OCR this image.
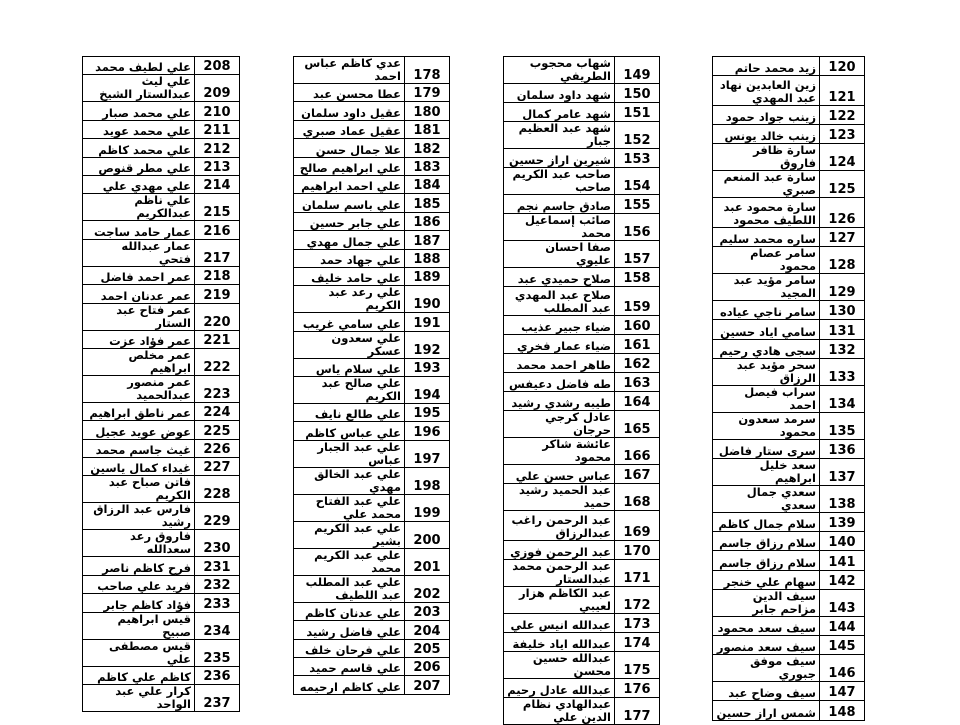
علي لطيف محمد	208
علي ليث عبدالستار الشيخ	209
علي محمد صبار	210
علي محمد عويد	211
علي محمد كاظم	212
علي مطر قنوص	213
علي مهدي علي	214
علي ناظم عبدالكريم	215
عمار حامد ساجت	216
عمار عبدالله فتحي	217
عمر احمد فاضل	218
عمر عدنان احمد	219
عمر فتاح عبد الستار	220
عمر فؤاد عزت	221
عمر مخلص ابراهيم	222
عمر منصور عبدالحميد	223
عمر ناطق ابراهيم	224
عوض عويد عجيل	225
غيث جاسم محمد	226
غيداء كمال ياسين	227
فاتن صباح عبد الكريم	228
فارس عبد الرزاق رشيد	229
فاروق رعد سعدالله	230
فرح كاظم ناصر	231
فريد علي صاحب	232
فؤاد كاظم جابر	233
قيس ابراهيم صبيح	234
قيس مصطفى علي	235
كاظم علي كاظم	236
كرار علي عبد الواحد	237
عدي كاظم عباس احمد	178
عطا محسن عبد	179
عقيل داود سلمان	180
عقيل عماد صبري	181
علا جمال حسن	182
علي ابراهيم صالح	183
علي احمد ابراهيم	184
علي باسم سلمان	185
علي جابر حسين	186
علي جمال مهدي	187
علي جهاد حمد	188
علي حامد خليف	189
علي رعد عبد الكريم	190
علي سامي غريب	191
علي سعدون عسكر	192
علي سلام ياس	193
علي صالح عبد الكريم	194
علي طالع نايف	195
علي عباس كاظم	196
علي عبد الجبار عباس	197
علي عبد الخالق مهدي	198
علي عبد الفتاح محمد علي	199
علي عبد الكريم بشير	200
علي عبد الكريم محمد	201
علي عبد المطلب عبد اللطيف	202
علي عدنان كاظم	203
علي فاضل رشيد	204
علي فرحان خلف	205
علي قاسم حميد	206
علي كاظم ارحيمه	207
شهاب محجوب الطريفي	149
شهد داود سلمان	150
شهد عامر كمال	151
شهد عبد العظيم جبار	152
شيرين اراز حسين	153
صاحب عبد الكريم صاحب	154
صادق جاسم نجم	155
صائب إسماعيل محمد	156
صفا احسان عليوي	157
صلاح حميدي عبد	158
صلاح عبد المهدي عبد المطلب	159
ضياء جبير عذيب	160
ضياء عمار فخري	161
طاهر احمد محمد	162
طه فاضل دعيفس	163
طيبه رشدي رشيد	164
عادل كرجي حرجان	165
عائشة شاكر محمود	166
عباس حسن علي	167
عبد الحميد رشيد حميد	168
عبد الرحمن راغب عبدالرزاق	169
عبد الرحمن فوزي	170
عبد الرحمن محمد عبدالستار	171
عبد الكاظم هزار لعيبي	172
عبدالله انيس علي	173
عبدالله اياد خليفة	174
عبدالله حسين محسن	175
عبدالله عادل رحيم	176
عبدالهادي نظام الدين علي	177
زيد محمد حاتم	120
زين العابدين نهاد عبد المهدي	121
زينب جواد حمود	122
زينب خالد يونس	123
سارة ظافر فاروق	124
سارة عبد المنعم صبري	125
سارة محمود عبد اللطيف محمود	126
ساره محمد سليم	127
سامر عصام محمود	128
سامر مؤيد عبد المجيد	129
سامر ناجي عياده	130
سامي اياد حسين	131
سجى هادي رحيم	132
سحر مؤيد عبد الرزاق	133
سراب فيصل احمد	134
سرمد سعدون محمود	135
سرى ستار فاضل	136
سعد خليل ابراهيم	137
سعدي جمال سعدي	138
سلام جمال كاظم	139
سلام رزاق جاسم	140
سلام رزاق جاسم	141
سهام علي خنجر	142
سيف الدين مزاحم جابر	143
سيف سعد محمود	144
سيف سعد منصور	145
سيف موفق جبوري	146
سيف وضاح عبد	147
شمس اراز حسين	148
